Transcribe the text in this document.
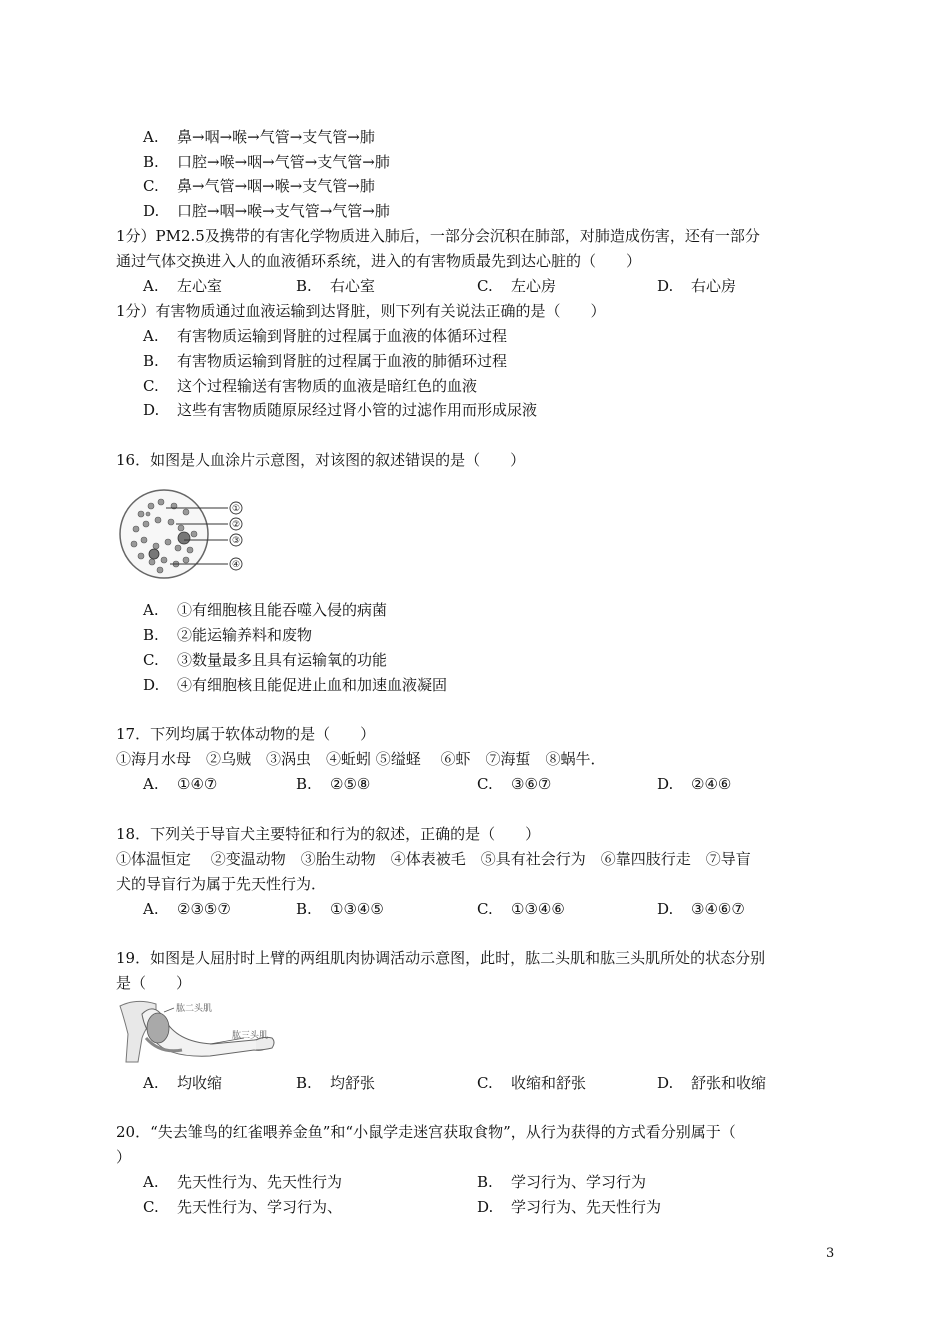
A. 鼻→咽→喉→气管→支气管→肺
B. 口腔→喉→咽→气管→支气管→肺
C. 鼻→气管→咽→喉→支气管→肺
D. 口腔→咽→喉→支气管→气管→肺
1分）PM2.5及携带的有害化学物质进入肺后，一部分会沉积在肺部，对肺造成伤害，还有一部分
通过气体交换进入人的血液循环系统，进入的有害物质最先到达心脏的（　　）
A. 左心室	B. 右心室	C. 左心房	D. 右心房
1分）有害物质通过血液运输到达肾脏，则下列有关说法正确的是（　　）
A. 有害物质运输到肾脏的过程属于血液的体循环过程
B. 有害物质运输到肾脏的过程属于血液的肺循环过程
C. 这个过程输送有害物质的血液是暗红色的血液
D. 这些有害物质随原尿经过肾小管的过滤作用而形成尿液
16．如图是人血涂片示意图，对该图的叙述错误的是（　　）
①
②
③
④
A. ①有细胞核且能吞噬入侵的病菌
B. ②能运输养料和废物
C. ③数量最多且具有运输氧的功能
D. ④有细胞核且能促进止血和加速血液凝固
17．下列均属于软体动物的是（　　）
①海月水母　②乌贼　③涡虫　④蚯蚓 ⑤缢蛏　 ⑥虾　⑦海蜇　⑧蜗牛．
A. ①④⑦	B. ②⑤⑧	C. ③⑥⑦	D. ②④⑥
18．下列关于导盲犬主要特征和行为的叙述，正确的是（　　）
①体温恒定　 ②变温动物　③胎生动物　④体表被毛　⑤具有社会行为　⑥靠四肢行走　⑦导盲
犬的导盲行为属于先天性行为．
A. ②③⑤⑦	B. ①③④⑤	C. ①③④⑥	D. ③④⑥⑦
19．如图是人屈肘时上臂的两组肌肉协调活动示意图，此时，肱二头肌和肱三头肌所处的状态分别
是（　　）
肱二头肌
肱三头肌
A. 均收缩	B. 均舒张	C. 收缩和舒张	D. 舒张和收缩
20．“失去雏鸟的红雀喂养金鱼”和“小鼠学走迷宫获取食物”，从行为获得的方式看分别属于（
）
A. 先天性行为、先天性行为	B. 学习行为、学习行为
C. 先天性行为、学习行为、	D. 学习行为、先天性行为
3
